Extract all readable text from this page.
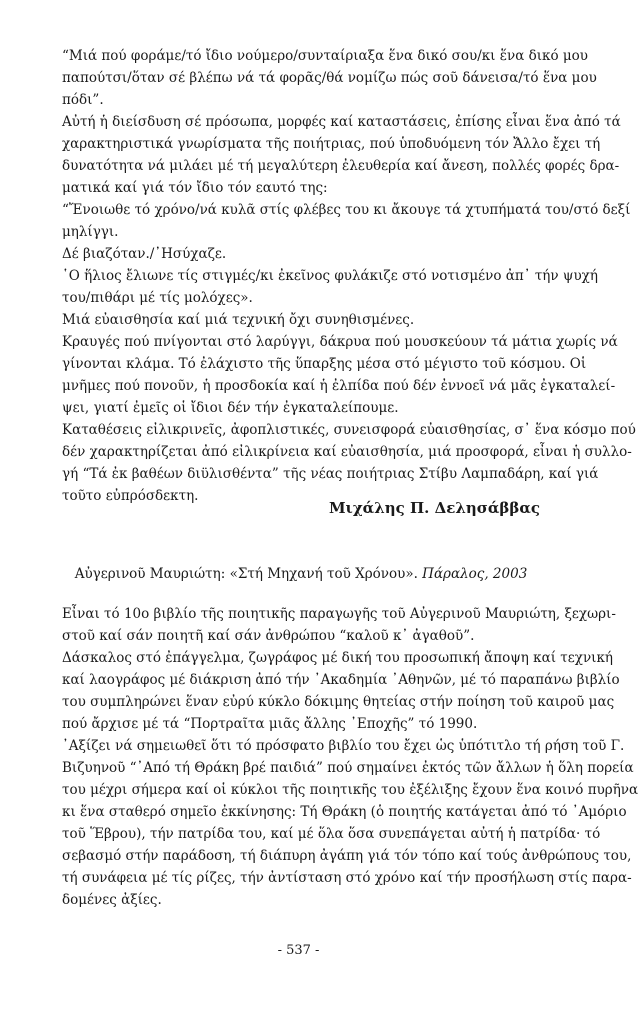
“Μιά πού φοράμε/τό ἴδιο νούμερο/συνταίριαξα ἕνα δικό σου/κι ἕνα δικό μου
παπούτσι/ὅταν σέ βλέπω νά τά φορᾶς/θά νομίζω πώς σοῦ δάνεισα/τό ἕνα μου
πόδι”.
Αὐτή ἡ διείσδυση σέ πρόσωπα, μορφές καί καταστάσεις, ἐπίσης εἶναι ἕνα ἀπό τά
χαρακτηριστικά γνωρίσματα τῆς ποιήτριας, πού ὑποδυόμενη τόν Ἄλλο ἔχει τή
δυνατότητα νά μιλάει μέ τή μεγαλύτερη ἐλευθερία καί ἄνεση, πολλές φορές δρα-
ματικά καί γιά τόν ἴδιο τόν εαυτό της:
“Ἔνοιωθε τό χρόνο/νά κυλᾶ στίς φλέβες του κι ἄκουγε τά χτυπήματά του/στό δεξί
μηλίγγι.
Δέ βιαζόταν./᾽Ησύχαζε.
῾Ο ἥλιος ἔλιωνε τίς στιγμές/κι ἐκεῖνος φυλάκιζε στό νοτισμένο ἀπ᾽ τήν ψυχή
του/πιθάρι μέ τίς μολόχες».
Μιά εὐαισθησία καί μιά τεχνική ὄχι συνηθισμένες.
Κραυγές πού πνίγονται στό λαρύγγι, δάκρυα πού μουσκεύουν τά μάτια χωρίς νά
γίνονται κλάμα. Τό ἐλάχιστο τῆς ὕπαρξης μέσα στό μέγιστο τοῦ κόσμου. Οἱ
μνῆμες πού πονοῦν, ἡ προσδοκία καί ἡ ἐλπίδα πού δέν ἐννοεῖ νά μᾶς ἐγκαταλεί-
ψει, γιατί ἐμεῖς οἱ ἴδιοι δέν τήν ἐγκαταλείπουμε.
Καταθέσεις εἰλικρινεῖς, ἀφοπλιστικές, συνεισφορά εὐαισθησίας, σ᾽ ἕνα κόσμο πού
δέν χαρακτηρίζεται ἀπό εἰλικρίνεια καί εὐαισθησία, μιά προσφορά, εἶναι ἡ συλλο-
γή “Τά ἐκ βαθέων διϋλισθέντα” τῆς νέας ποιήτριας Στίβυ Λαμπαδάρη, καί γιά
τοῦτο εὐπρόσδεκτη.
Μιχάλης Π. Δελησάββας
Αὐγερινοῦ Μαυριώτη: «Στή Μηχανή τοῦ Χρόνου». Πάραλος, 2003
Εἶναι τό 10ο βιβλίο τῆς ποιητικῆς παραγωγῆς τοῦ Αὐγερινοῦ Μαυριώτη, ξεχωρι-
στοῦ καί σάν ποιητῆ καί σάν ἀνθρώπου “καλοῦ κ᾽ ἀγαθοῦ”.
Δάσκαλος στό ἐπάγγελμα, ζωγράφος μέ δική του προσωπική ἄποψη καί τεχνική
καί λαογράφος μέ διάκριση ἀπό τήν ᾽Ακαδημία ᾽Αθηνῶν, μέ τό παραπάνω βιβλίο
του συμπληρώνει ἕναν εὐρύ κύκλο δόκιμης θητείας στήν ποίηση τοῦ καιροῦ μας
πού ἄρχισε μέ τά “Πορτραῖτα μιᾶς ἄλλης ᾽Εποχῆς” τό 1990.
᾽Αξίζει νά σημειωθεῖ ὅτι τό πρόσφατο βιβλίο του ἔχει ὡς ὑπότιτλο τή ρήση τοῦ Γ.
Βιζυηνοῦ “᾽Από τή Θράκη βρέ παιδιά” πού σημαίνει ἐκτός τῶν ἄλλων ἡ ὅλη πορεία
του μέχρι σήμερα καί οἱ κύκλοι τῆς ποιητικῆς του ἐξέλιξης ἔχουν ἕνα κοινό πυρῆνα
κι ἕνα σταθερό σημεῖο ἐκκίνησης: Τή Θράκη (ὁ ποιητής κατάγεται ἀπό τό ᾽Αμόριο
τοῦ Ἕβρου), τήν πατρίδα του, καί μέ ὅλα ὅσα συνεπάγεται αὐτή ἡ πατρίδα· τό
σεβασμό στήν παράδοση, τή διάπυρη ἀγάπη γιά τόν τόπο καί τούς ἀνθρώπους του,
τή συνάφεια μέ τίς ρίζες, τήν ἀντίσταση στό χρόνο καί τήν προσήλωση στίς παρα-
δομένες ἀξίες.
- 537 -
